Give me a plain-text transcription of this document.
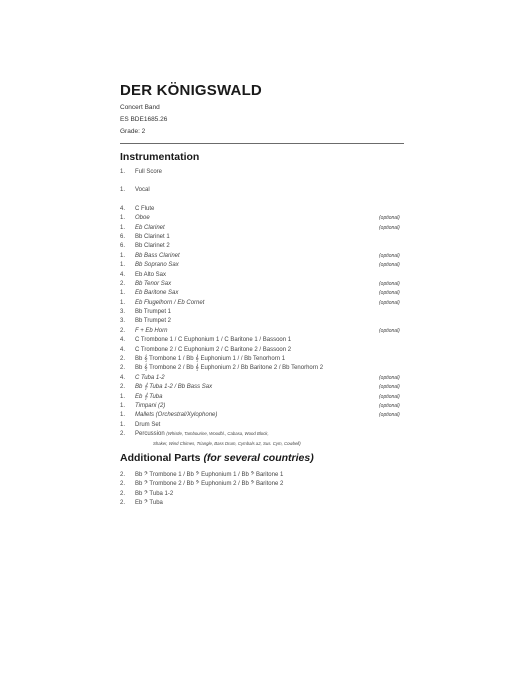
DER KÖNIGSWALD
Concert Band
ES BDE1685.26
Grade: 2
Instrumentation
1.	Full Score
1.	Vocal
4.	C Flute
1.	Oboe	(optional)
1.	Eb Clarinet	(optional)
6.	Bb Clarinet 1
6.	Bb Clarinet 2
1.	Bb Bass Clarinet	(optional)
1.	Bb Soprano Sax	(optional)
4.	Eb Alto Sax
2.	Bb Tenor Sax	(optional)
1.	Eb Baritone Sax	(optional)
1.	Eb Flugelhorn / Eb Cornet	(optional)
3.	Bb Trumpet 1
3.	Bb Trumpet 2
2.	F + Eb Horn	(optional)
4.	C Trombone 1 / C Euphonium 1 / C Baritone 1 / Bassoon 1
4.	C Trombone 2 / C Euphonium 2 / C Baritone 2 / Bassoon 2
2.	Bb 𝄞 Trombone 1 / Bb 𝄞 Euphonium 1 / / Bb Tenorhorn 1
2.	Bb 𝄞 Trombone 2 / Bb 𝄞 Euphonium 2 / Bb Baritone 2 / Bb Tenorhorn 2
4.	C Tuba 1-2	(optional)
2.	Bb 𝄞 Tuba 1-2 / Bb Bass Sax	(optional)
1.	Eb 𝄞 Tuba	(optional)
1.	Timpani (2)	(optional)
1.	Mallets (Orchestral/Xylophone)	(optional)
1.	Drum Set
2.	Percussion (Whistle, Tambourine, Woodbl., Cabasa, Wood Block,
Shaker, Wind Chimes, Triangle, Bass Drum, Cymbals a2, Sus. Cym, Cowbell)
Additional Parts (for several countries)
2.	Bb 𝄢 Trombone 1 / Bb 𝄢 Euphonium 1 / Bb 𝄢 Baritone 1
2.	Bb 𝄢 Trombone 2 / Bb 𝄢 Euphonium 2 / Bb 𝄢 Baritone 2
2.	Bb 𝄢 Tuba 1-2
2.	Eb 𝄢 Tuba
